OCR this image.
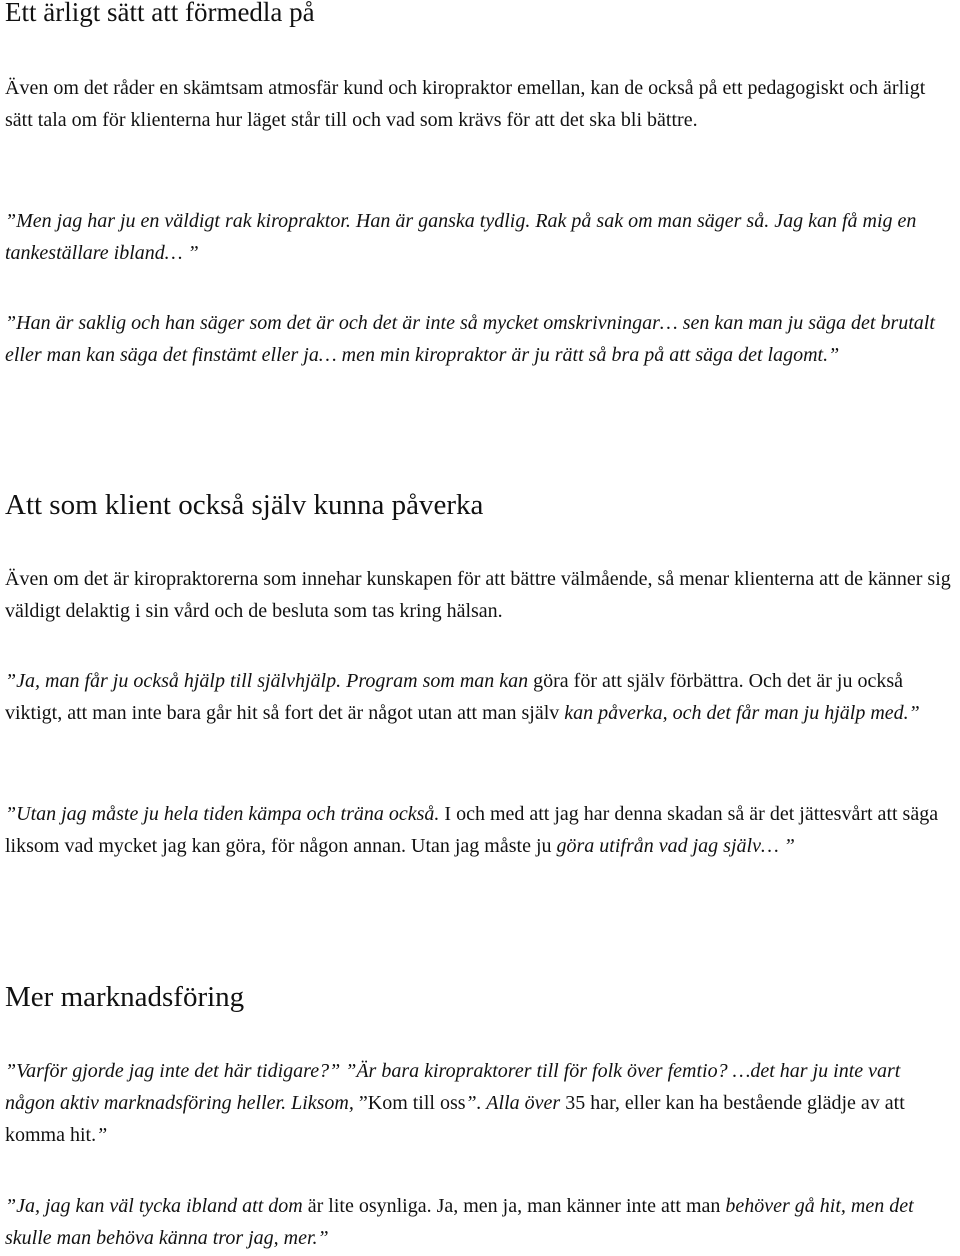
Ett ärligt sätt att förmedla på

Även om det råder en skämtsam atmosfär kund och kiropraktor emellan, kan de också på ett pedagogiskt och ärligt sätt tala om för klienterna hur läget står till och vad som krävs för att det ska bli bättre.

”Men jag har ju en väldigt rak kiropraktor. Han är ganska tydlig. Rak på sak om man säger så. Jag kan få mig en tankeställare ibland… ”

”Han är saklig och han säger som det är och det är inte så mycket omskrivningar… sen kan man ju säga det brutalt eller man kan säga det finstämt eller ja… men min kiropraktor är ju rätt så bra på att säga det lagomt.”

Att som klient också själv kunna påverka

Även om det är kiropraktorerna som innehar kunskapen för att bättre välmående, så menar klienterna att de känner sig väldigt delaktig i sin vård och de besluta som tas kring hälsan.

”Ja, man får ju också hjälp till självhjälp. Program som man kan göra för att själv förbättra. Och det är ju också viktigt, att man inte bara går hit så fort det är något utan att man själv kan påverka, och det får man ju hjälp med.”

”Utan jag måste ju hela tiden kämpa och träna också. I och med att jag har denna skadan så är det jättesvårt att säga liksom vad mycket jag kan göra, för någon annan. Utan jag måste ju göra utifrån vad jag själv… ”

Mer marknadsföring

”Varför gjorde jag inte det här tidigare?” ”Är bara kiropraktorer till för folk över femtio? …det har ju inte vart någon aktiv marknadsföring heller. Liksom, ”Kom till oss”. Alla över 35 har, eller kan ha bestående glädje av att komma hit.”

”Ja, jag kan väl tycka ibland att dom är lite osynliga. Ja, men ja, man känner inte att man behöver gå hit, men det skulle man behöva känna tror jag, mer.”
